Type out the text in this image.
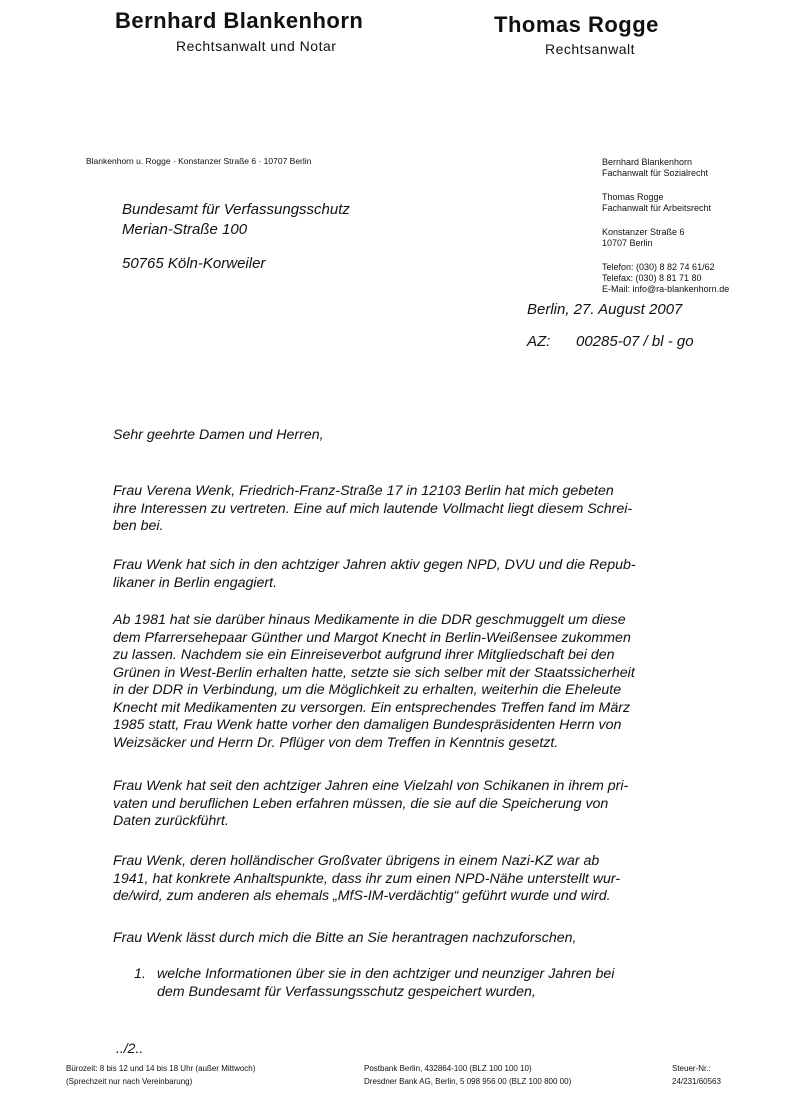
Bernhard Blankenhorn
Rechtsanwalt und Notar
Thomas Rogge
Rechtsanwalt
Blankenhorn u. Rogge · Konstanzer Straße 6 · 10707 Berlin	Bernhard Blankenhorn
Fachanwalt für Sozialrecht
Thomas Rogge
Fachanwalt für Arbeitsrecht
Konstanzer Straße 6
10707 Berlin
Telefon: (030) 8 82 74 61/62
Telefax: (030) 8 81 71 80
E-Mail: info@ra-blankenhorn.de
Bundesamt für Verfassungsschutz
Merian-Straße 100
50765 Köln-Korweiler
Berlin, 27. August 2007
AZ: 00285-07 / bl - go
Sehr geehrte Damen und Herren,
Frau Verena Wenk, Friedrich-Franz-Straße 17 in 12103 Berlin hat mich gebeten
ihre Interessen zu vertreten. Eine auf mich lautende Vollmacht liegt diesem Schrei-
ben bei.
Frau Wenk hat sich in den achtziger Jahren aktiv gegen NPD, DVU und die Repub-
likaner in Berlin engagiert.
Ab 1981 hat sie darüber hinaus Medikamente in die DDR geschmuggelt um diese
dem Pfarrersehepaar Günther und Margot Knecht in Berlin-Weißensee zukommen
zu lassen. Nachdem sie ein Einreiseverbot aufgrund ihrer Mitgliedschaft bei den
Grünen in West-Berlin erhalten hatte, setzte sie sich selber mit der Staatssicherheit
in der DDR in Verbindung, um die Möglichkeit zu erhalten, weiterhin die Eheleute
Knecht mit Medikamenten zu versorgen. Ein entsprechendes Treffen fand im März
1985 statt, Frau Wenk hatte vorher den damaligen Bundespräsidenten Herrn von
Weizsäcker und Herrn Dr. Pflüger von dem Treffen in Kenntnis gesetzt.
Frau Wenk hat seit den achtziger Jahren eine Vielzahl von Schikanen in ihrem pri-
vaten und beruflichen Leben erfahren müssen, die sie auf die Speicherung von
Daten zurückführt.
Frau Wenk, deren holländischer Großvater übrigens in einem Nazi-KZ war ab
1941, hat konkrete Anhaltspunkte, dass ihr zum einen NPD-Nähe unterstellt wur-
de/wird, zum anderen als ehemals „MfS-IM-verdächtig“ geführt wurde und wird.
Frau Wenk lässt durch mich die Bitte an Sie herantragen nachzuforschen,
1. welche Informationen über sie in den achtziger und neunziger Jahren bei
dem Bundesamt für Verfassungsschutz gespeichert wurden,
../2..
Bürozeit: 8 bis 12 und 14 bis 18 Uhr (außer Mittwoch)
(Sprechzeit nur nach Vereinbarung)
Postbank Berlin, 432864-100 (BLZ 100 100 10)
Dresdner Bank AG, Berlin, 5 098 956 00 (BLZ 100 800 00)
Steuer-Nr.:
24/231/60563
